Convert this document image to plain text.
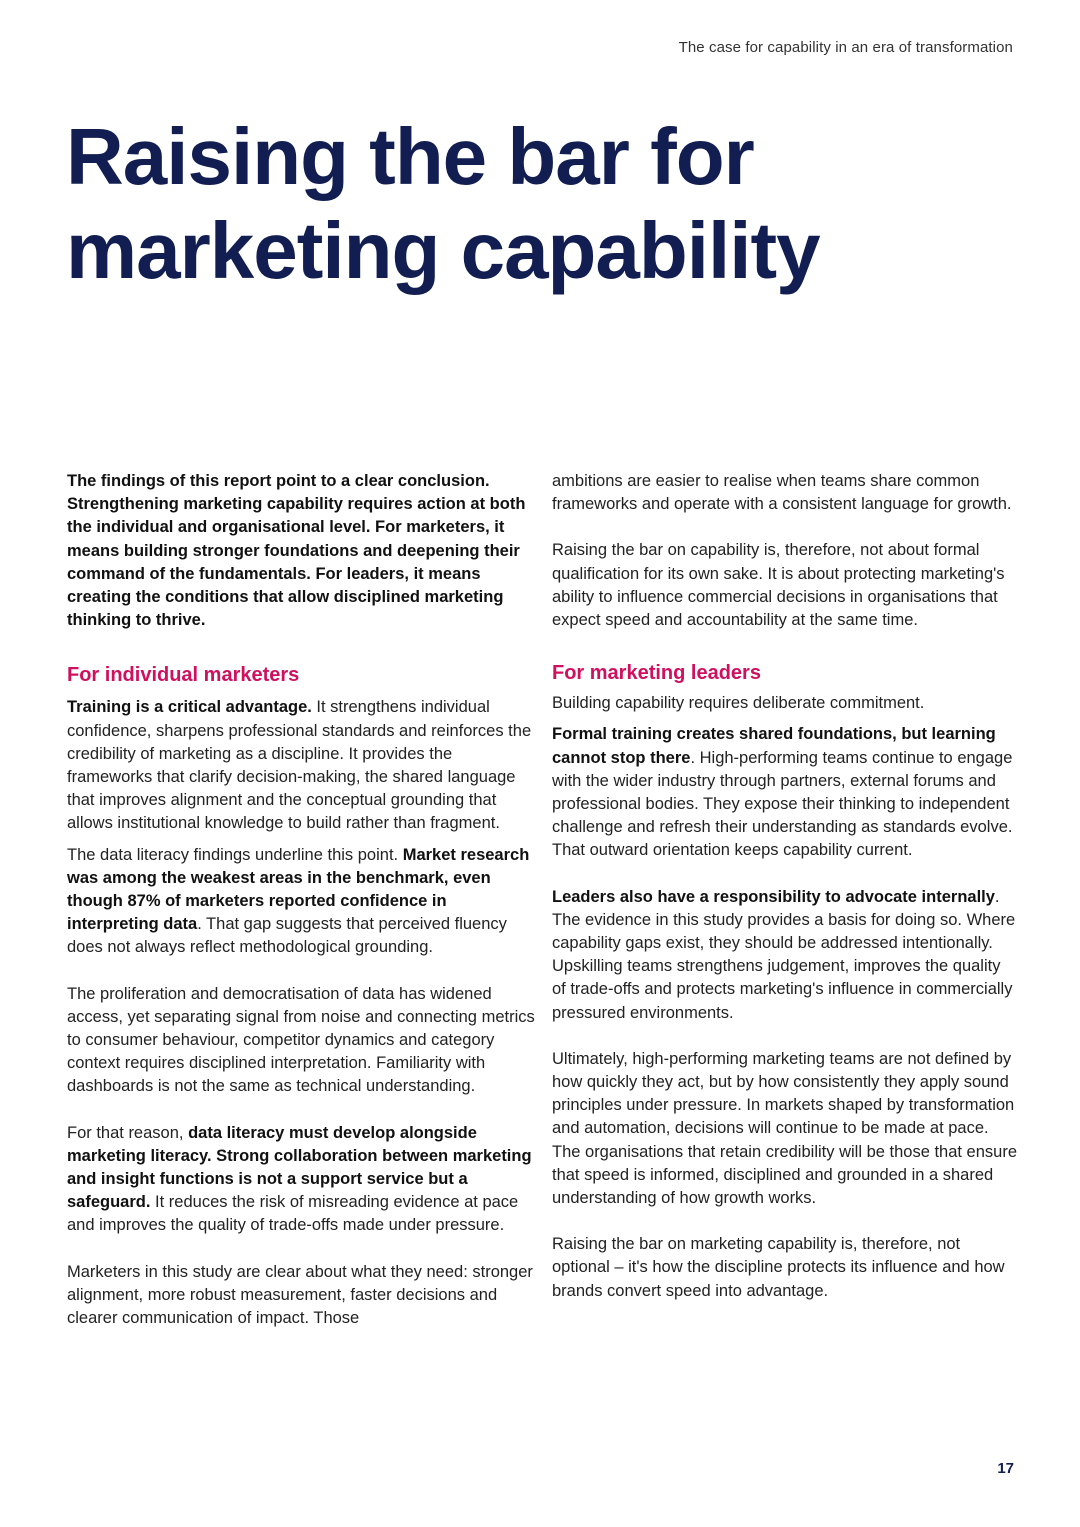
The case for capability in an era of transformation
Raising the bar for
marketing capability

The findings of this report point to a clear conclusion. Strengthening marketing capability requires action at both the individual and organisational level. For marketers, it means building stronger foundations and deepening their command of the fundamentals. For leaders, it means creating the conditions that allow disciplined marketing thinking to thrive.

For individual marketers

Training is a critical advantage. It strengthens individual confidence, sharpens professional standards and reinforces the credibility of marketing as a discipline. It provides the frameworks that clarify decision-making, the shared language that improves alignment and the conceptual grounding that allows institutional knowledge to build rather than fragment.

The data literacy findings underline this point. Market research was among the weakest areas in the benchmark, even though 87% of marketers reported confidence in interpreting data. That gap suggests that perceived fluency does not always reflect methodological grounding.

The proliferation and democratisation of data has widened access, yet separating signal from noise and connecting metrics to consumer behaviour, competitor dynamics and category context requires disciplined interpretation. Familiarity with dashboards is not the same as technical understanding.

For that reason, data literacy must develop alongside marketing literacy. Strong collaboration between marketing and insight functions is not a support service but a safeguard. It reduces the risk of misreading evidence at pace and improves the quality of trade-offs made under pressure.

Marketers in this study are clear about what they need: stronger alignment, more robust measurement, faster decisions and clearer communication of impact. Those

ambitions are easier to realise when teams share common frameworks and operate with a consistent language for growth.

Raising the bar on capability is, therefore, not about formal qualification for its own sake. It is about protecting marketing's ability to influence commercial decisions in organisations that expect speed and accountability at the same time.

For marketing leaders

Building capability requires deliberate commitment.

Formal training creates shared foundations, but learning cannot stop there. High-performing teams continue to engage with the wider industry through partners, external forums and professional bodies. They expose their thinking to independent challenge and refresh their understanding as standards evolve. That outward orientation keeps capability current.

Leaders also have a responsibility to advocate internally. The evidence in this study provides a basis for doing so. Where capability gaps exist, they should be addressed intentionally. Upskilling teams strengthens judgement, improves the quality of trade-offs and protects marketing's influence in commercially pressured environments.

Ultimately, high-performing marketing teams are not defined by how quickly they act, but by how consistently they apply sound principles under pressure. In markets shaped by transformation and automation, decisions will continue to be made at pace. The organisations that retain credibility will be those that ensure that speed is informed, disciplined and grounded in a shared understanding of how growth works.

Raising the bar on marketing capability is, therefore, not optional – it's how the discipline protects its influence and how brands convert speed into advantage.

17
